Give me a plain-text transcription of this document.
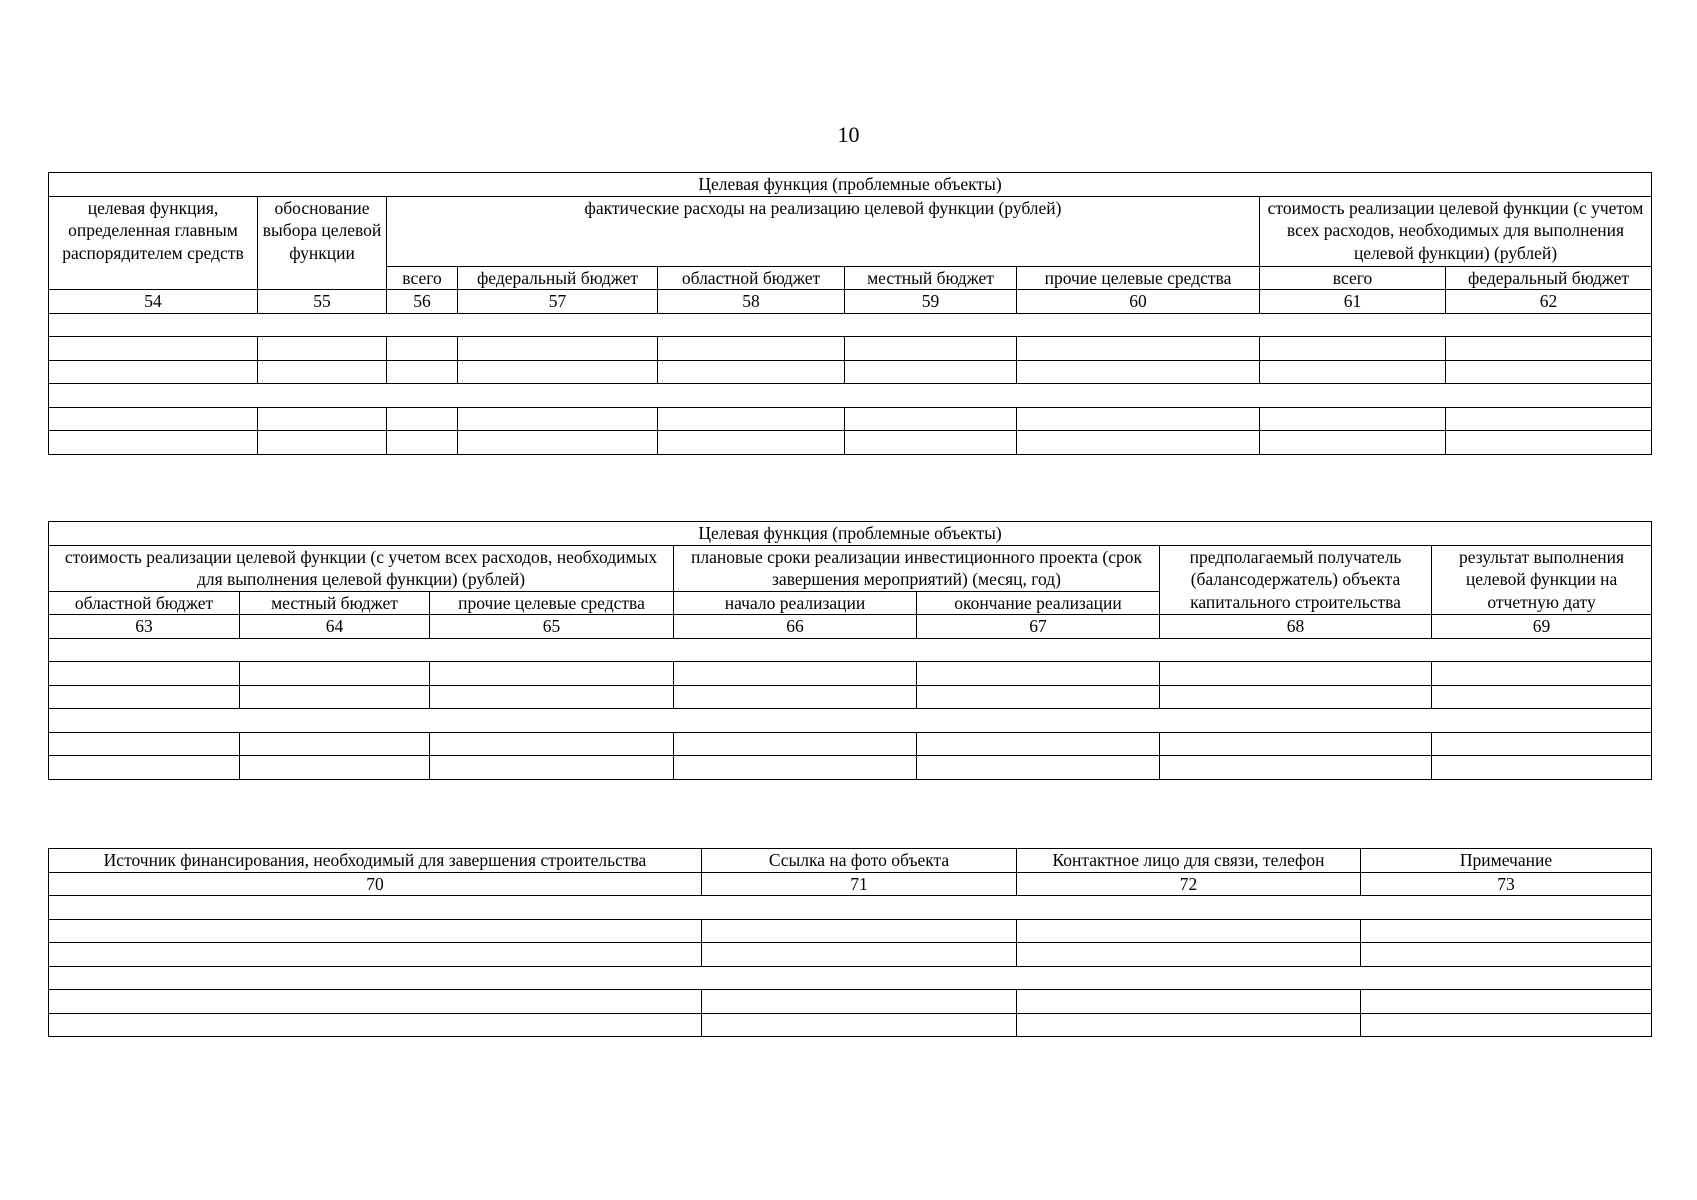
10
Целевая функция (проблемные объекты)								
целевая функция, определенная главным распорядителем средств	обоснование выбора целевой функции	фактические расходы на реализацию целевой функции (рублей)					стоимость реализации целевой функции (с учетом всех расходов, необходимых для выполнения целевой функции) (рублей)	
		всего	федеральный бюджет	областной бюджет	местный бюджет	прочие целевые средства	всего	федеральный бюджет
54	55	56	57	58	59	60	61	62

Целевая функция (проблемные объекты)						
стоимость реализации целевой функции (с учетом всех расходов, необходимых для выполнения целевой функции) (рублей)			плановые сроки реализации инвестиционного проекта (срок завершения мероприятий) (месяц, год)		предполагаемый получатель (балансодержатель) объекта капитального строительства	результат выполнения целевой функции на отчетную дату
областной бюджет	местный бюджет	прочие целевые средства	начало реализации	окончание реализации		
63	64	65	66	67	68	69

Источник финансирования, необходимый для завершения строительства	Ссылка на фото объекта	Контактное лицо для связи, телефон	Примечание
70	71	72	73
